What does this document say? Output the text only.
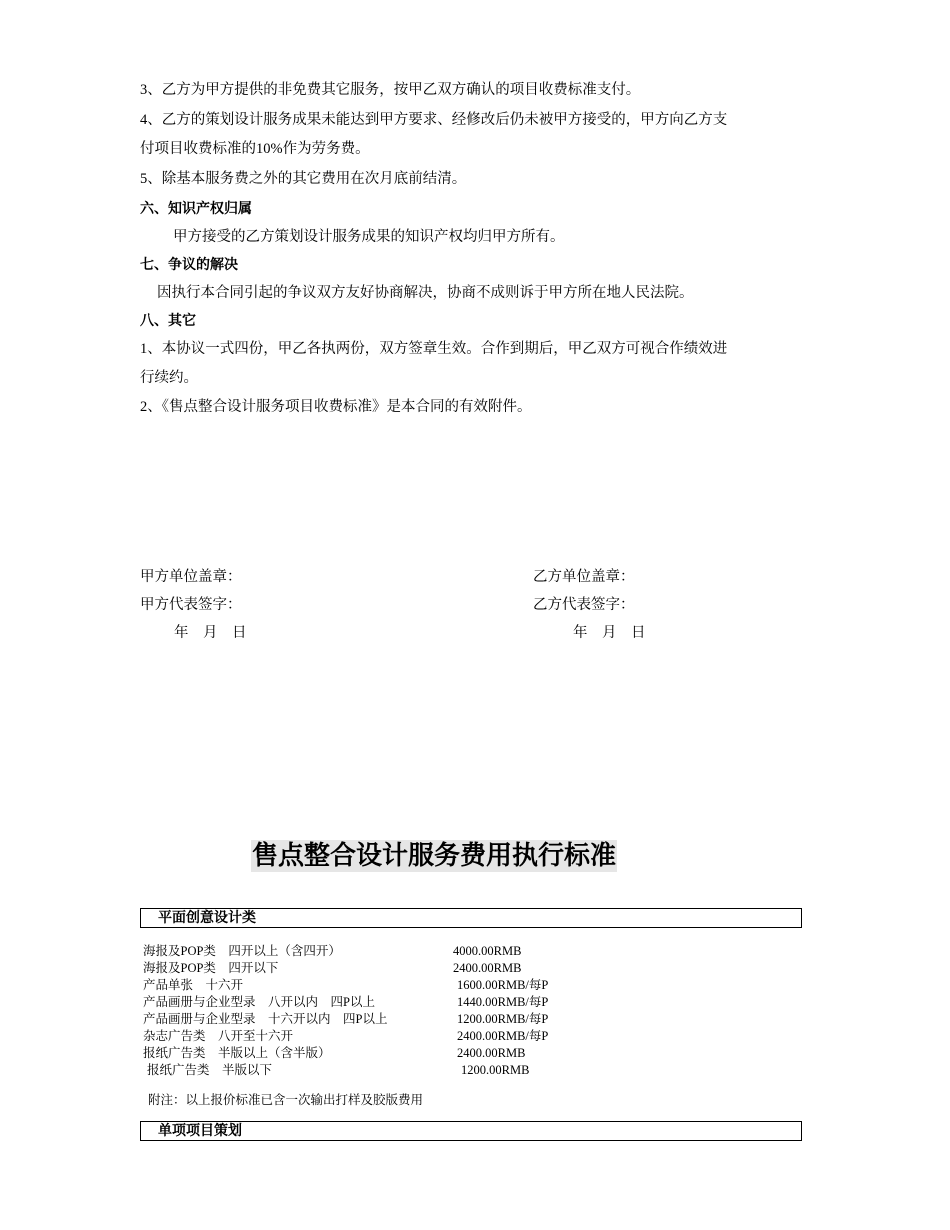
3、乙方为甲方提供的非免费其它服务，按甲乙双方确认的项目收费标准支付。
4、乙方的策划设计服务成果未能达到甲方要求、经修改后仍未被甲方接受的，甲方向乙方支
付项目收费标准的10%作为劳务费。
5、除基本服务费之外的其它费用在次月底前结清。
六、知识产权归属
甲方接受的乙方策划设计服务成果的知识产权均归甲方所有。
七、争议的解决
因执行本合同引起的争议双方友好协商解决，协商不成则诉于甲方所在地人民法院。
八、其它
1、本协议一式四份，甲乙各执两份，双方签章生效。合作到期后，甲乙双方可视合作绩效进
行续约。
2、《售点整合设计服务项目收费标准》是本合同的有效附件。
甲方单位盖章：
甲方代表签字：
年　月　日
乙方单位盖章：
乙方代表签字：
年　月　日
售点整合设计服务费用执行标准
平面创意设计类
海报及POP类　四开以上（含四开）	4000.00RMB
海报及POP类　四开以下	2400.00RMB
产品单张　十六开	1600.00RMB/每P
产品画册与企业型录　八开以内　四P以上	1440.00RMB/每P
产品画册与企业型录　十六开以内　四P以上	1200.00RMB/每P
杂志广告类　八开至十六开	2400.00RMB/每P
报纸广告类　半版以上（含半版）	2400.00RMB
报纸广告类　半版以下	1200.00RMB
附注：以上报价标准已含一次输出打样及胶版费用
单项项目策划
